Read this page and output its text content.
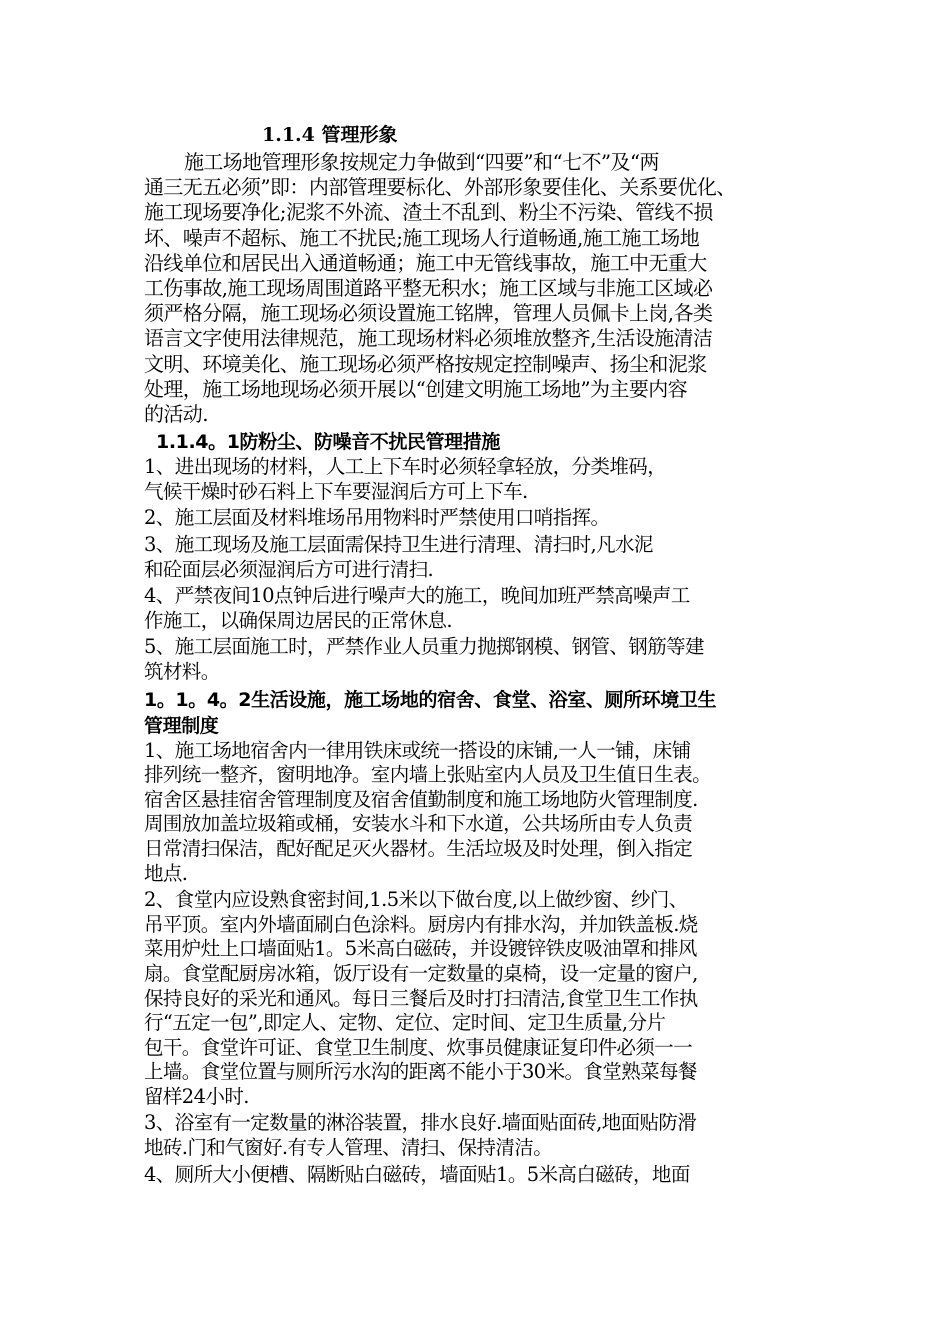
1.1.4 管理形象
施工场地管理形象按规定力争做到“四要”和“七不”及“两
通三无五必须”即：内部管理要标化、外部形象要佳化、关系要优化、
施工现场要净化;泥浆不外流、渣土不乱到、粉尘不污染、管线不损
坏、噪声不超标、施工不扰民;施工现场人行道畅通,施工施工场地
沿线单位和居民出入通道畅通；施工中无管线事故，施工中无重大
工伤事故,施工现场周围道路平整无积水；施工区域与非施工区域必
须严格分隔，施工现场必须设置施工铭牌，管理人员佩卡上岗,各类
语言文字使用法律规范，施工现场材料必须堆放整齐,生活设施清洁
文明、环境美化、施工现场必须严格按规定控制噪声、扬尘和泥浆
处理，施工场地现场必须开展以“创建文明施工场地”为主要内容
的活动.
1.1.4。1防粉尘、防噪音不扰民管理措施
1、进出现场的材料，人工上下车时必须轻拿轻放，分类堆码，
气候干燥时砂石料上下车要湿润后方可上下车.
2、施工层面及材料堆场吊用物料时严禁使用口哨指挥。
3、施工现场及施工层面需保持卫生进行清理、清扫时,凡水泥
和砼面层必须湿润后方可进行清扫.
4、严禁夜间10点钟后进行噪声大的施工，晚间加班严禁高噪声工
作施工，以确保周边居民的正常休息.
5、施工层面施工时，严禁作业人员重力抛掷钢模、钢管、钢筋等建
筑材料。
1。1。4。2生活设施，施工场地的宿舍、食堂、浴室、厕所环境卫生
管理制度
1、施工场地宿舍内一律用铁床或统一搭设的床铺,一人一铺，床铺
排列统一整齐，窗明地净。室内墙上张贴室内人员及卫生值日生表。
宿舍区悬挂宿舍管理制度及宿舍值勤制度和施工场地防火管理制度.
周围放加盖垃圾箱或桶，安装水斗和下水道，公共场所由专人负责
日常清扫保洁，配好配足灭火器材。生活垃圾及时处理，倒入指定
地点.
2、食堂内应设熟食密封间,1.5米以下做台度,以上做纱窗、纱门、
吊平顶。室内外墙面刷白色涂料。厨房内有排水沟，并加铁盖板.烧
菜用炉灶上口墙面贴1。5米高白磁砖，并设镀锌铁皮吸油罩和排风
扇。食堂配厨房冰箱，饭厅设有一定数量的桌椅，设一定量的窗户,
保持良好的采光和通风。每日三餐后及时打扫清洁,食堂卫生工作执
行“五定一包”,即定人、定物、定位、定时间、定卫生质量,分片
包干。食堂许可证、食堂卫生制度、炊事员健康证复印件必须一一
上墙。食堂位置与厕所污水沟的距离不能小于30米。食堂熟菜每餐
留样24小时.
3、浴室有一定数量的淋浴装置，排水良好.墙面贴面砖,地面贴防滑
地砖.门和气窗好.有专人管理、清扫、保持清洁。
4、厕所大小便槽、隔断贴白磁砖，墙面贴1。5米高白磁砖，地面
